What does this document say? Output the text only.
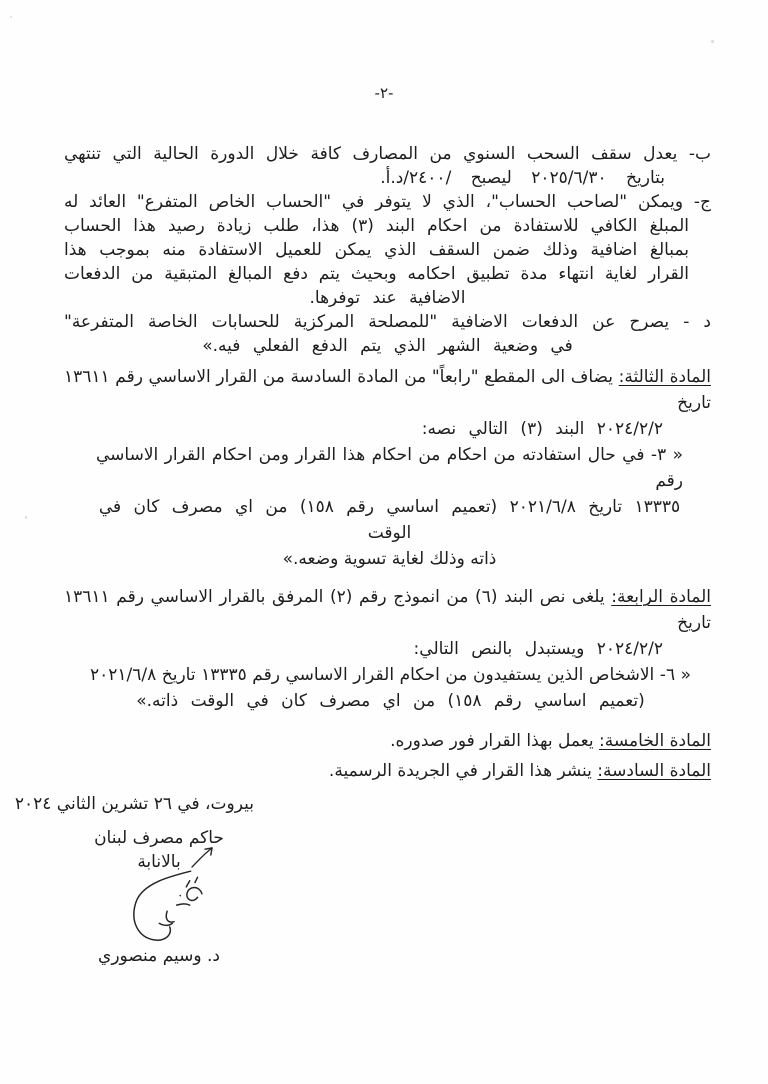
-٢-
ب- يعدل سقف السحب السنوي من المصارف كافة خلال الدورة الحالية التي تنتهي
بتاريخ ٢٠٢٥/٦/٣٠ ليصبح /٢٤٠٠/د.أ.
ج- ويمكن "لصاحب الحساب"، الذي لا يتوفر في "الحساب الخاص المتفرع" العائد له
المبلغ الكافي للاستفادة من احكام البند (٣) هذا، طلب زيادة رصيد هذا الحساب
بمبالغ اضافية وذلك ضمن السقف الذي يمكن للعميل الاستفادة منه بموجب هذا
القرار لغاية انتهاء مدة تطبيق احكامه وبحيث يتم دفع المبالغ المتبقية من الدفعات
الاضافية عند توفرها.
د - يصرح عن الدفعات الاضافية "للمصلحة المركزية للحسابات الخاصة المتفرعة"
في وضعية الشهر الذي يتم الدفع الفعلي فيه.»
المادة الثالثة: يضاف الى المقطع "رابعاً" من المادة السادسة من القرار الاساسي رقم ١٣٦١١ تاريخ
٢٠٢٤/٢/٢ البند (٣) التالي نصه:
« ٣- في حال استفادته من احكام من احكام هذا القرار ومن احكام القرار الاساسي رقم
١٣٣٣٥ تاريخ ٢٠٢١/٦/٨ (تعميم اساسي رقم ١٥٨) من اي مصرف كان في الوقت
ذاته وذلك لغاية تسوية وضعه.»
المادة الرابعة: يلغى نص البند (٦) من انموذج رقم (٢) المرفق بالقرار الاساسي رقم ١٣٦١١ تاريخ
٢٠٢٤/٢/٢ ويستبدل بالنص التالي:
« ٦- الاشخاص الذين يستفيدون من احكام القرار الاساسي رقم ١٣٣٣٥ تاريخ ٢٠٢١/٦/٨
(تعميم اساسي رقم ١٥٨) من اي مصرف كان في الوقت ذاته.»
المادة الخامسة: يعمل بهذا القرار فور صدوره.
المادة السادسة: ينشر هذا القرار في الجريدة الرسمية.
بيروت، في ٢٦ تشرين الثاني ٢٠٢٤
حاكم مصرف لبنان
بالانابة
د. وسيم منصوري
